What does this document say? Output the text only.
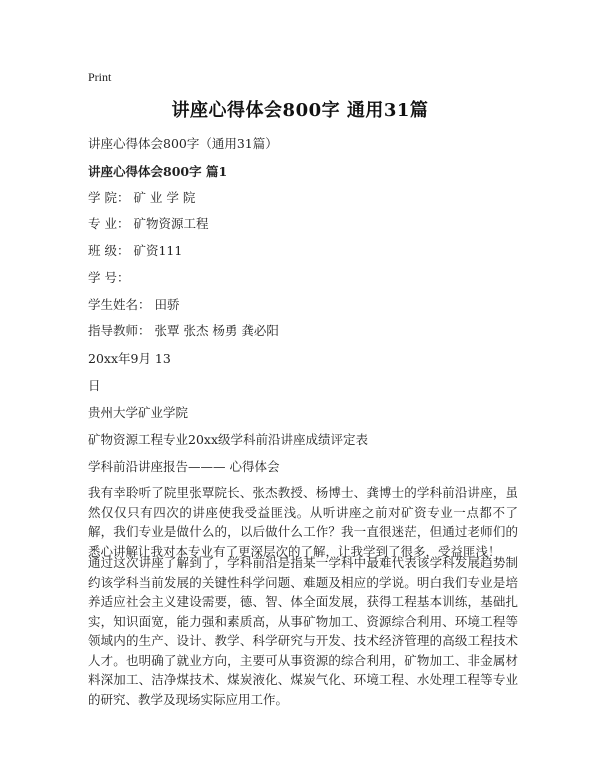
Print
讲座心得体会800字 通用31篇
讲座心得体会800字（通用31篇）
讲座心得体会800字 篇1
学 院： 矿 业 学 院
专 业： 矿物资源工程
班 级： 矿资111
学 号：
学生姓名： 田骄
指导教师： 张覃 张杰 杨勇 龚必阳
20xx年9月 13
日
贵州大学矿业学院
矿物资源工程专业20xx级学科前沿讲座成绩评定表
学科前沿讲座报告——— 心得体会
我有幸聆听了院里张覃院长、张杰教授、杨博士、龚博士的学科前沿讲座，虽然仅仅只有四次的讲座使我受益匪浅。从听讲座之前对矿资专业一点都不了解，我们专业是做什么的，以后做什么工作？我一直很迷茫，但通过老师们的悉心讲解让我对本专业有了更深层次的了解，让我学到了很多，受益匪浅！
通过这次讲座了解到了，学科前沿是指某一学科中最难代表该学科发展趋势制约该学科当前发展的关键性科学问题、难题及相应的学说。明白我们专业是培养适应社会主义建设需要，德、智、体全面发展，获得工程基本训练，基础扎实，知识面宽，能力强和素质高，从事矿物加工、资源综合利用、环境工程等领域内的生产、设计、教学、科学研究与开发、技术经济管理的高级工程技术人才。也明确了就业方向，主要可从事资源的综合利用，矿物加工、非金属材料深加工、洁净煤技术、煤炭液化、煤炭气化、环境工程、水处理工程等专业的研究、教学及现场实际应用工作。
